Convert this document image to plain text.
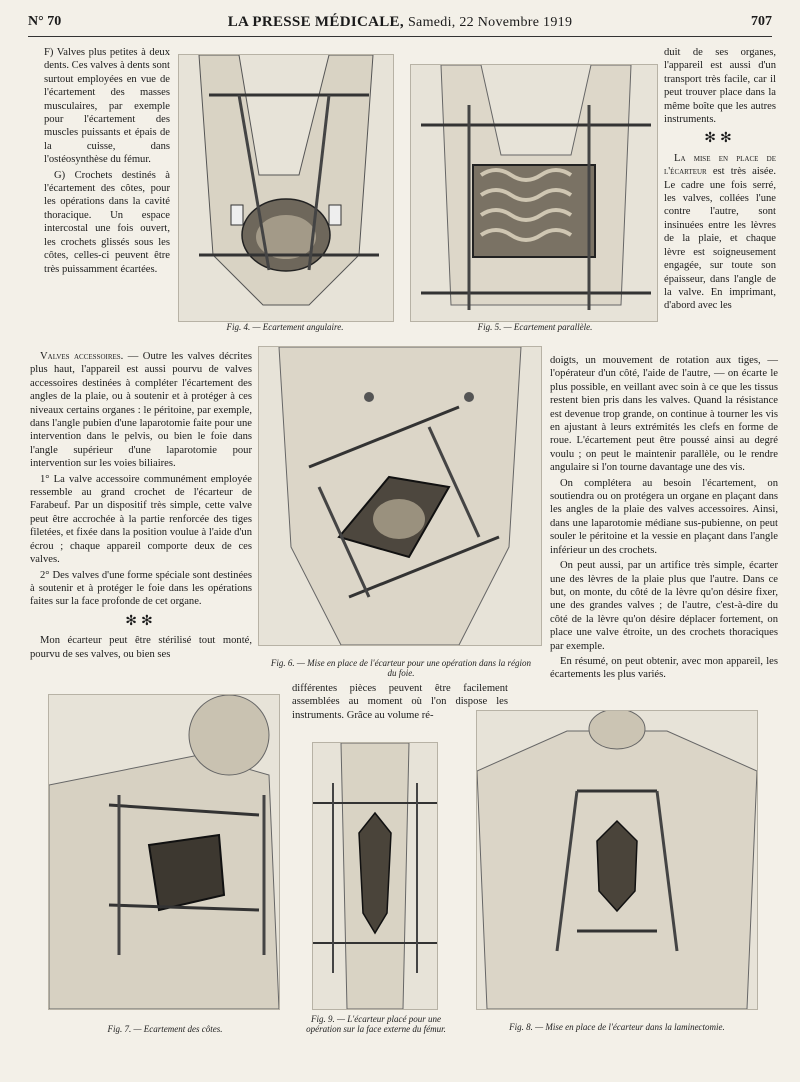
N° 70	LA PRESSE MÉDICALE, Samedi, 22 Novembre 1919	707

F) Valves plus petites à deux dents. Ces valves à dents sont surtout employées en vue de l'écartement des masses musculaires, par exemple pour l'écartement des muscles puissants et épais de la cuisse, dans l'ostéosynthèse du fémur.

G) Crochets destinés à l'écartement des côtes, pour les opérations dans la cavité thoracique. Un espace intercostal une fois ouvert, les crochets glissés sous les côtes, celles-ci peuvent être très puissamment écartées.

Valves accessoires. — Outre les valves décrites plus haut, l'appareil est aussi pourvu de valves accessoires destinées à compléter l'écartement des angles de la plaie, ou à soutenir et à protéger à ces niveaux certains organes : le péritoine, par exemple, dans l'angle pubien d'une laparotomie faite pour une intervention dans le pelvis, ou bien le foie dans l'angle supérieur d'une laparotomie pour intervention sur les voies biliaires.

1° La valve accessoire communément employée ressemble au grand crochet de l'écarteur de Farabeuf. Par un dispositif très simple, cette valve peut être accrochée à la partie renforcée des tiges filetées, et fixée dans la position voulue à l'aide d'un écrou ; chaque appareil comporte deux de ces valves.

2° Des valves d'une forme spéciale sont destinées à soutenir et à protéger le foie dans les opérations faites sur la face profonde de cet organe.

✻✻

Mon écarteur peut être stérilisé tout monté, pourvu de ses valves, ou bien ses

différentes pièces peuvent être facilement assemblées au moment où l'on dispose les instruments. Grâce au volume ré-

duit de ses organes, l'appareil est aussi d'un transport très facile, car il peut trouver place dans la même boîte que les autres instruments.

✻✻

La mise en place de l'écarteur est très aisée. Le cadre une fois serré, les valves, collées l'une contre l'autre, sont insinuées entre les lèvres de la plaie, et chaque lèvre est soigneusement engagée, sur toute son épaisseur, dans l'angle de la valve. En imprimant, d'abord avec les

doigts, un mouvement de rotation aux tiges, — l'opérateur d'un côté, l'aide de l'autre, — on écarte le plus possible, en veillant avec soin à ce que les tissus restent bien pris dans les valves. Quand la résistance est devenue trop grande, on continue à tourner les vis en ajustant à leurs extrémités les clefs en forme de roue. L'écartement peut être poussé ainsi au degré voulu ; on peut le maintenir parallèle, ou le rendre angulaire si l'on tourne davantage une des vis.

On complétera au besoin l'écartement, on soutiendra ou on protégera un organe en plaçant dans les angles de la plaie des valves accessoires. Ainsi, dans une laparotomie médiane sus-pubienne, on peut souler le péritoine et la vessie en plaçant dans l'angle inférieur un des crochets.

On peut aussi, par un artifice très simple, écarter une des lèvres de la plaie plus que l'autre. Dans ce but, on monte, du côté de la lèvre qu'on désire fixer, une des grandes valves ; de l'autre, c'est-à-dire du côté de la lèvre qu'on désire déplacer fortement, on place une valve étroite, un des crochets thoraciques par exemple.

En résumé, on peut obtenir, avec mon appareil, les écartements les plus variés.

Fig. 4. — Ecartement angulaire.	Fig. 5. — Ecartement parallèle.
Fig. 6. — Mise en place de l'écarteur pour une opération dans la région du foie.
Fig. 7. — Ecartement des côtes.
Fig. 9. — L'écarteur placé pour une opération sur la face externe du fémur.	Fig. 8. — Mise en place de l'écarteur dans la laminectomie.
